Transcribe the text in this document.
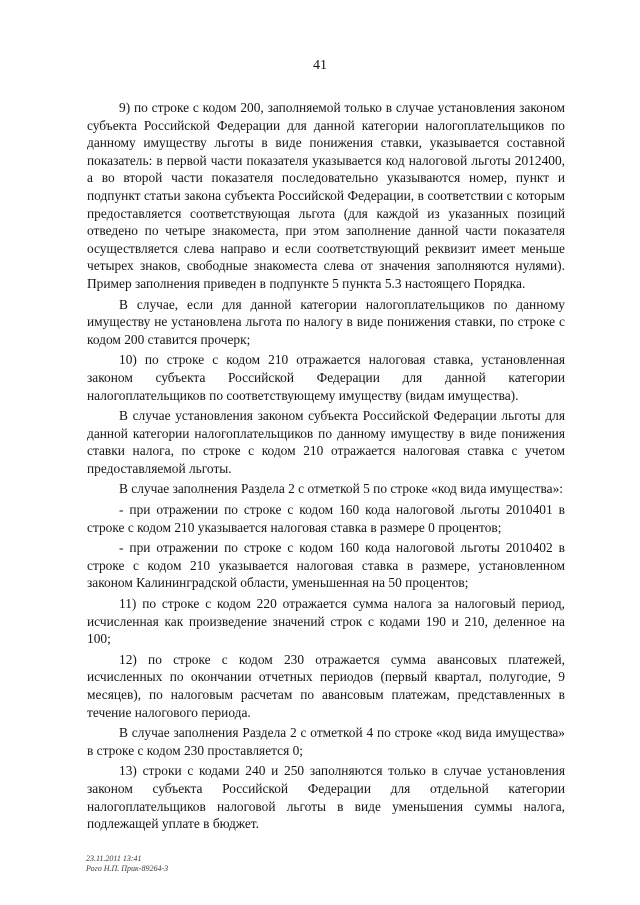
41

9) по строке с кодом 200, заполняемой только в случае установления законом субъекта Российской Федерации для данной категории налогоплательщиков по данному имуществу льготы в виде понижения ставки, указывается составной показатель: в первой части показателя указывается код налоговой льготы 2012400, а во второй части показателя последовательно указываются номер, пункт и подпункт статьи закона субъекта Российской Федерации, в соответствии с которым предоставляется соответствующая льгота (для каждой из указанных позиций отведено по четыре знакоместа, при этом заполнение данной части показателя осуществляется слева направо и если соответствующий реквизит имеет меньше четырех знаков, свободные знакоместа слева от значения заполняются нулями). Пример заполнения приведен в подпункте 5 пункта 5.3 настоящего Порядка.

В случае, если для данной категории налогоплательщиков по данному имуществу не установлена льгота по налогу в виде понижения ставки, по строке с кодом 200 ставится прочерк;

10) по строке с кодом 210 отражается налоговая ставка, установленная законом субъекта Российской Федерации для данной категории налогоплательщиков по соответствующему имуществу (видам имущества).

В случае установления законом субъекта Российской Федерации льготы для данной категории налогоплательщиков по данному имуществу в виде понижения ставки налога, по строке с кодом 210 отражается налоговая ставка с учетом предоставляемой льготы.

В случае заполнения Раздела 2 с отметкой 5 по строке «код вида имущества»:

- при отражении по строке с кодом 160 кода налоговой льготы 2010401 в строке с кодом 210 указывается налоговая ставка в размере 0 процентов;

- при отражении по строке с кодом 160 кода налоговой льготы 2010402 в строке с кодом 210 указывается налоговая ставка в размере, установленном законом Калининградской области, уменьшенная на 50 процентов;

11) по строке с кодом 220 отражается сумма налога за налоговый период, исчисленная как произведение значений строк с кодами 190 и 210, деленное на 100;

12) по строке с кодом 230 отражается сумма авансовых платежей, исчисленных по окончании отчетных периодов (первый квартал, полугодие, 9 месяцев), по налоговым расчетам по авансовым платежам, представленных в течение налогового периода.

В случае заполнения Раздела 2 с отметкой 4 по строке «код вида имущества» в строке с кодом 230 проставляется 0;

13) строки с кодами 240 и 250 заполняются только в случае установления законом субъекта Российской Федерации для отдельной категории налогоплательщиков налоговой льготы в виде уменьшения суммы налога, подлежащей уплате в бюджет.

23.11.2011 13:41
Рого Н.П. Прик-89264-3
